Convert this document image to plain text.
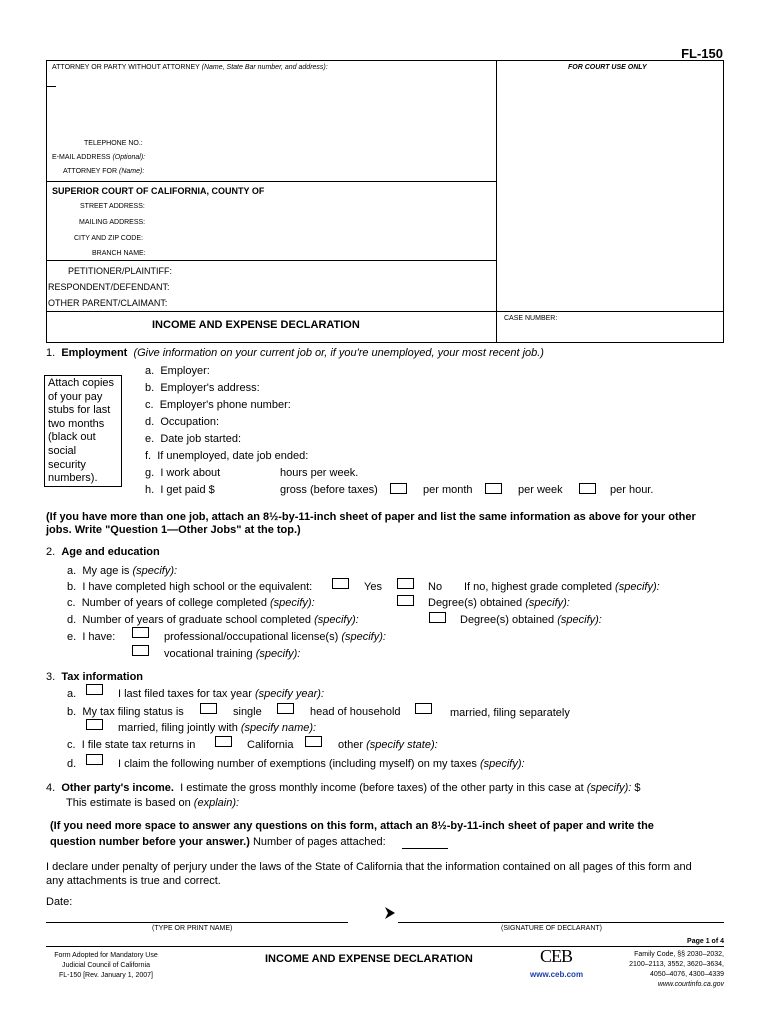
FL-150
ATTORNEY OR PARTY WITHOUT ATTORNEY (Name, State Bar number, and address):	FOR COURT USE ONLY
TELEPHONE NO.:
E-MAIL ADDRESS (Optional):
ATTORNEY FOR (Name):
SUPERIOR COURT OF CALIFORNIA, COUNTY OF
STREET ADDRESS:
MAILING ADDRESS:
CITY AND ZIP CODE:
BRANCH NAME:
PETITIONER/PLAINTIFF:
RESPONDENT/DEFENDANT:
OTHER PARENT/CLAIMANT:
INCOME AND EXPENSE DECLARATION
CASE NUMBER:
1. Employment (Give information on your current job or, if you're unemployed, your most recent job.)
Attach copies
of your pay
stubs for last
two months
(black out
social
security
numbers).
a. Employer:
b. Employer's address:
c. Employer's phone number:
d. Occupation:
e. Date job started:
f. If unemployed, date job ended:
g. I work about	hours per week.
h. I get paid $	gross (before taxes)	per month	per week	per hour.
(If you have more than one job, attach an 8½-by-11-inch sheet of paper and list the same information as above for your other
jobs. Write "Question 1—Other Jobs" at the top.)
2. Age and education
a. My age is (specify):
b. I have completed high school or the equivalent:	Yes	No If no, highest grade completed (specify):
c. Number of years of college completed (specify):	Degree(s) obtained (specify):
d. Number of years of graduate school completed (specify):	Degree(s) obtained (specify):
e. I have:	professional/occupational license(s) (specify):
vocational training (specify):
3. Tax information
a.	I last filed taxes for tax year (specify year):
b. My tax filing status is	single	head of household	married, filing separately
married, filing jointly with (specify name):
c. I file state tax returns in	California	other (specify state):
d.	I claim the following number of exemptions (including myself) on my taxes (specify):
4. Other party's income. I estimate the gross monthly income (before taxes) of the other party in this case at (specify): $
This estimate is based on (explain):
(If you need more space to answer any questions on this form, attach an 8½-by-11-inch sheet of paper and write the
question number before your answer.) Number of pages attached:
I declare under penalty of perjury under the laws of the State of California that the information contained on all pages of this form and
any attachments is true and correct.
Date:
(TYPE OR PRINT NAME)	(SIGNATURE OF DECLARANT)
Page 1 of 4
Form Adopted for Mandatory Use
Judicial Council of California
FL-150 [Rev. January 1, 2007]
INCOME AND EXPENSE DECLARATION	CEB
www.ceb.com
Family Code, §§ 2030–2032,
2100–2113, 3552, 3620–3634,
4050–4076, 4300–4339
www.courtinfo.ca.gov
